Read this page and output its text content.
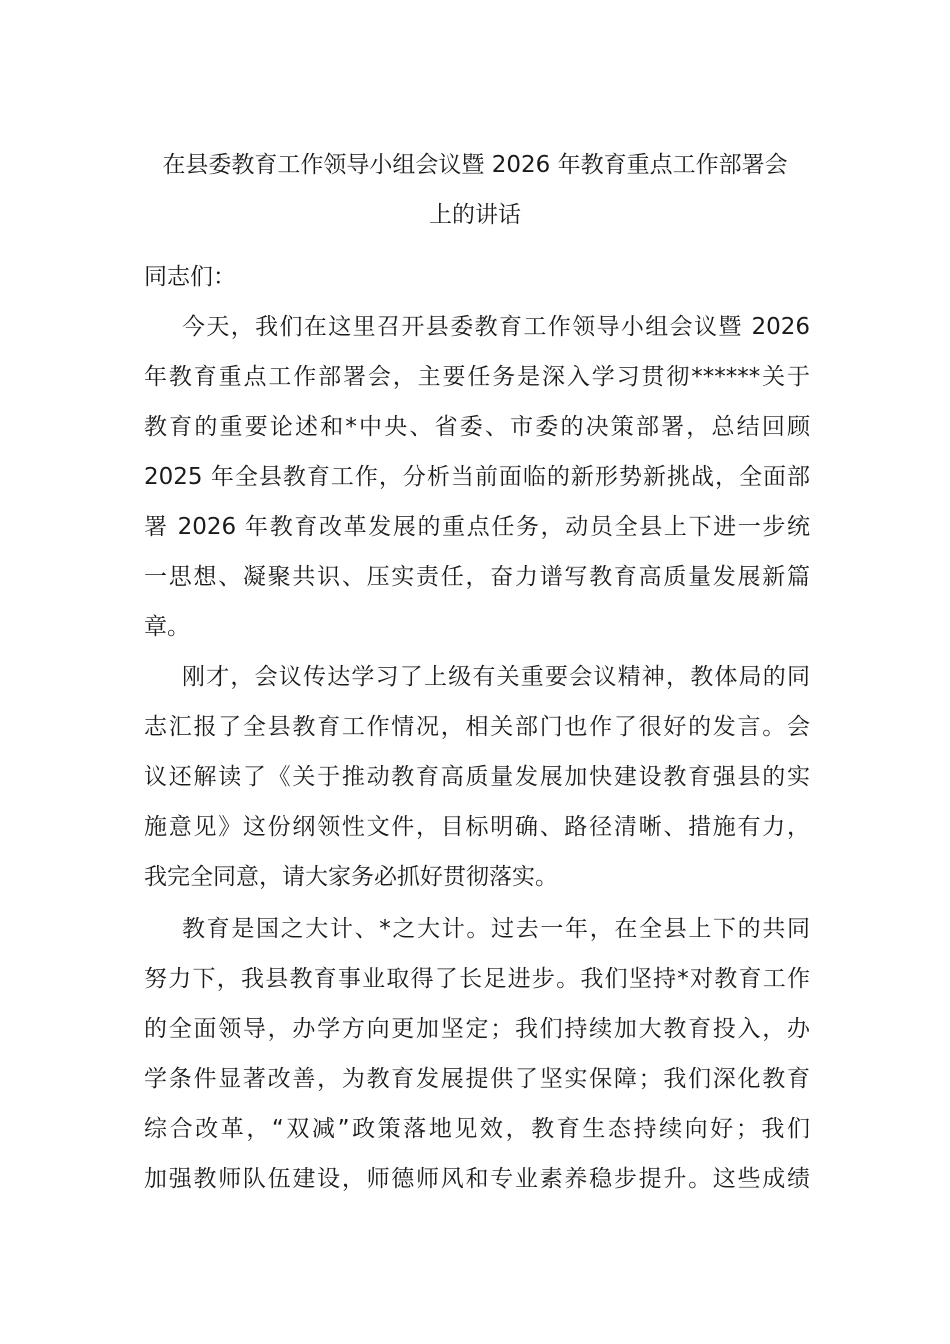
在县委教育工作领导小组会议暨 2026 年教育重点工作部署会
上的讲话
同志们：
今天，我们在这里召开县委教育工作领导小组会议暨 2026
年教育重点工作部署会，主要任务是深入学习贯彻******关于
教育的重要论述和*中央、省委、市委的决策部署，总结回顾
2025 年全县教育工作，分析当前面临的新形势新挑战，全面部
署 2026 年教育改革发展的重点任务，动员全县上下进一步统
一思想、凝聚共识、压实责任，奋力谱写教育高质量发展新篇
章。
刚才，会议传达学习了上级有关重要会议精神，教体局的同
志汇报了全县教育工作情况，相关部门也作了很好的发言。会
议还解读了《关于推动教育高质量发展加快建设教育强县的实
施意见》这份纲领性文件，目标明确、路径清晰、措施有力，
我完全同意，请大家务必抓好贯彻落实。
教育是国之大计、*之大计。过去一年，在全县上下的共同
努力下，我县教育事业取得了长足进步。我们坚持*对教育工作
的全面领导，办学方向更加坚定；我们持续加大教育投入，办
学条件显著改善，为教育发展提供了坚实保障；我们深化教育
综合改革，“双减”政策落地见效，教育生态持续向好；我们
加强教师队伍建设，师德师风和专业素养稳步提升。这些成绩
